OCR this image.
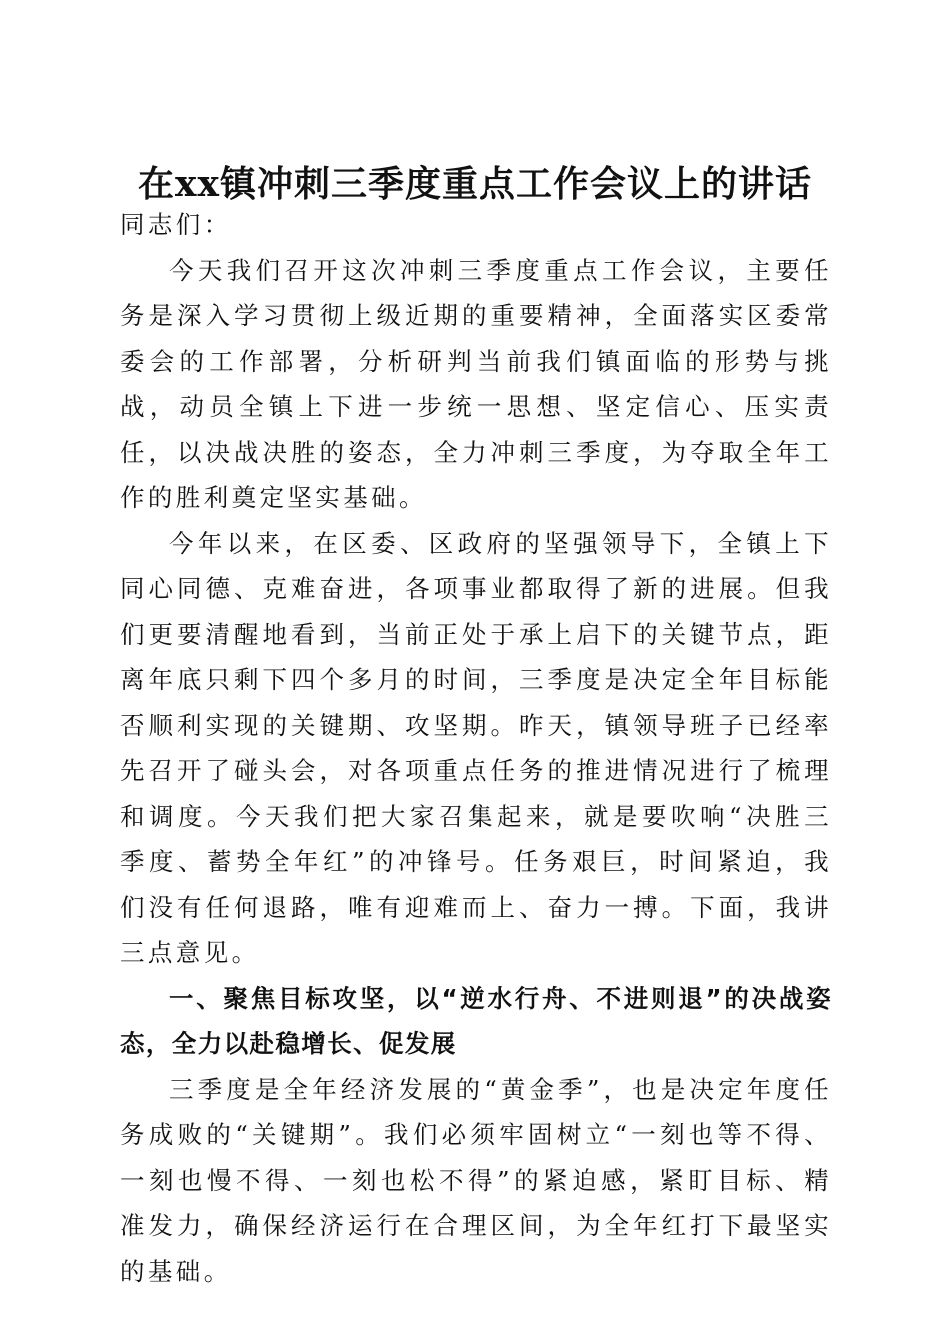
在xx镇冲刺三季度重点工作会议上的讲话

同志们：

今天我们召开这次冲刺三季度重点工作会议，主要任务是深入学习贯彻上级近期的重要精神，全面落实区委常委会的工作部署，分析研判当前我们镇面临的形势与挑战，动员全镇上下进一步统一思想、坚定信心、压实责任，以决战决胜的姿态，全力冲刺三季度，为夺取全年工作的胜利奠定坚实基础。

今年以来，在区委、区政府的坚强领导下，全镇上下同心同德、克难奋进，各项事业都取得了新的进展。但我们更要清醒地看到，当前正处于承上启下的关键节点，距离年底只剩下四个多月的时间，三季度是决定全年目标能否顺利实现的关键期、攻坚期。昨天，镇领导班子已经率先召开了碰头会，对各项重点任务的推进情况进行了梳理和调度。今天我们把大家召集起来，就是要吹响“决胜三季度、蓄势全年红”的冲锋号。任务艰巨，时间紧迫，我们没有任何退路，唯有迎难而上、奋力一搏。下面，我讲三点意见。

一、聚焦目标攻坚，以“逆水行舟、不进则退”的决战姿态，全力以赴稳增长、促发展

三季度是全年经济发展的“黄金季”，也是决定年度任务成败的“关键期”。我们必须牢固树立“一刻也等不得、一刻也慢不得、一刻也松不得”的紧迫感，紧盯目标、精准发力，确保经济运行在合理区间，为全年红打下最坚实的基础。
